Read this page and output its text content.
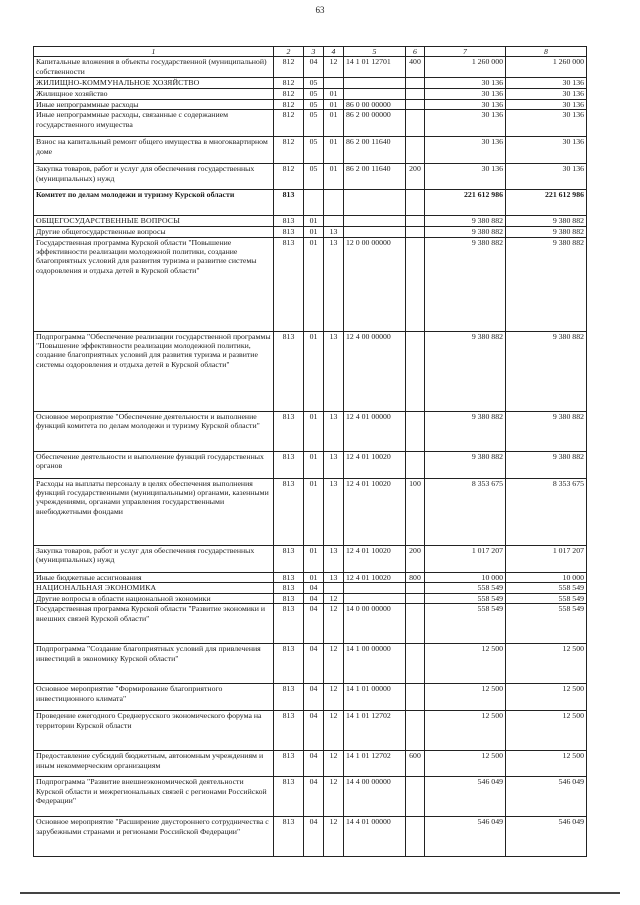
63
1	2	3	4	5	6	7	8
Капитальные вложения в объекты государственной (муниципальной) собственности	812	04	12	14 1 01 12701	400	1 260 000	1 260 000
ЖИЛИЩНО-КОММУНАЛЬНОЕ ХОЗЯЙСТВО	812	05				30 136	30 136
Жилищное хозяйство	812	05	01			30 136	30 136
Иные непрограммные расходы	812	05	01	86 0 00 00000		30 136	30 136
Иные непрограммные расходы, связанные с содержанием государственного имущества	812	05	01	86 2 00 00000		30 136	30 136
Взнос на капитальный ремонт общего имущества в многоквартирном доме	812	05	01	86 2 00 11640		30 136	30 136
Закупка товаров, работ и услуг для обеспечения государственных (муниципальных) нужд	812	05	01	86 2 00 11640	200	30 136	30 136
Комитет по делам молодежи и туризму Курской области	813					221 612 986	221 612 986
ОБЩЕГОСУДАРСТВЕННЫЕ ВОПРОСЫ	813	01				9 380 882	9 380 882
Другие общегосударственные вопросы	813	01	13			9 380 882	9 380 882
Государственная программа Курской области "Повышение эффективности реализации молодежной политики, создание благоприятных условий для развития туризма и развитие системы оздоровления и отдыха детей в Курской области"	813	01	13	12 0 00 00000		9 380 882	9 380 882
Подпрограмма "Обеспечение реализации государственной программы "Повышение эффективности реализации молодежной политики, создание благоприятных условий для развития туризма и развитие системы оздоровления и отдыха детей в Курской области"	813	01	13	12 4 00 00000		9 380 882	9 380 882
Основное мероприятие "Обеспечение деятельности и выполнение функций комитета по делам молодежи и туризму Курской области"	813	01	13	12 4 01 00000		9 380 882	9 380 882
Обеспечение деятельности и выполнение функций государственных органов	813	01	13	12 4 01 10020		9 380 882	9 380 882
Расходы на выплаты персоналу в целях обеспечения выполнения функций государственными (муниципальными) органами, казенными учреждениями, органами управления государственными внебюджетными фондами	813	01	13	12 4 01 10020	100	8 353 675	8 353 675
Закупка товаров, работ и услуг для обеспечения государственных (муниципальных) нужд	813	01	13	12 4 01 10020	200	1 017 207	1 017 207
Иные бюджетные ассигнования	813	01	13	12 4 01 10020	800	10 000	10 000
НАЦИОНАЛЬНАЯ ЭКОНОМИКА	813	04				558 549	558 549
Другие вопросы в области национальной экономики	813	04	12			558 549	558 549
Государственная программа Курской области "Развитие экономики и внешних связей Курской области"	813	04	12	14 0 00 00000		558 549	558 549
Подпрограмма "Создание благоприятных условий для привлечения инвестиций в экономику Курской области"	813	04	12	14 1 00 00000		12 500	12 500
Основное мероприятие "Формирование благоприятного инвестиционного климата"	813	04	12	14 1 01 00000		12 500	12 500
Проведение ежегодного Среднерусского экономического форума на территории Курской области	813	04	12	14 1 01 12702		12 500	12 500
Предоставление субсидий бюджетным, автономным учреждениям и иным некоммерческим организациям	813	04	12	14 1 01 12702	600	12 500	12 500
Подпрограмма "Развитие внешнеэкономической деятельности Курской области и межрегиональных связей с регионами Российской Федерации"	813	04	12	14 4 00 00000		546 049	546 049
Основное мероприятие "Расширение двустороннего сотрудничества с зарубежными странами и регионами Российской Федерации"	813	04	12	14 4 01 00000		546 049	546 049
